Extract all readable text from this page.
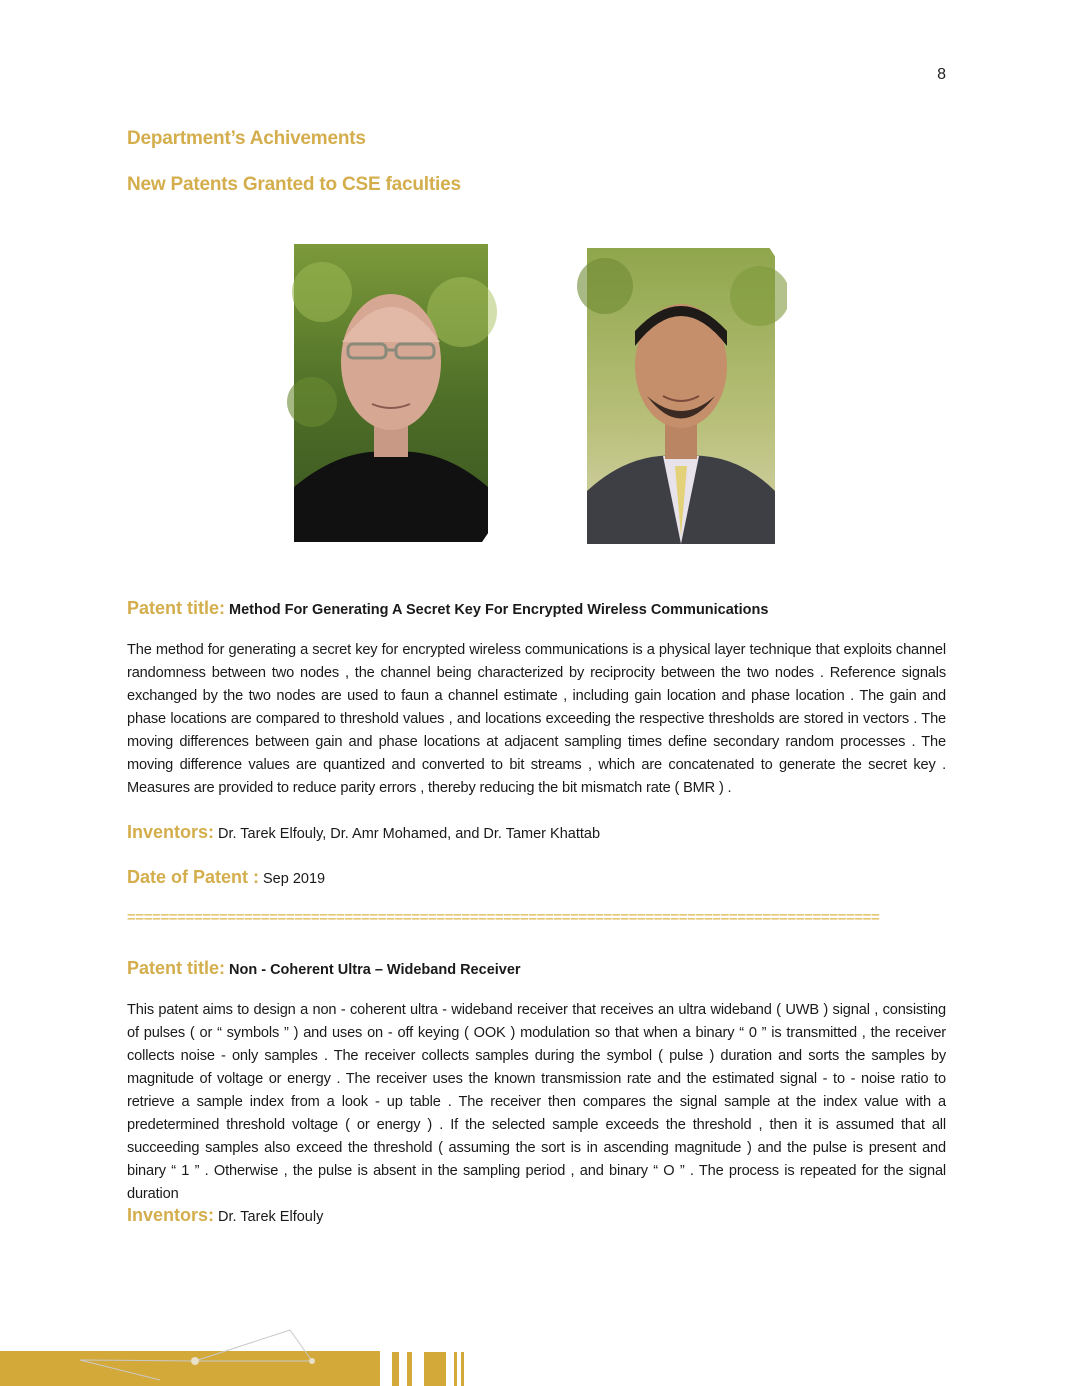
8
Department’s Achivements
New Patents Granted to CSE faculties
Patent title: Method For Generating A Secret Key For Encrypted Wireless Communications
The method for generating a secret key for encrypted wireless communications is a physical layer technique that exploits channel randomness between two nodes , the channel being characterized by reciprocity between the two nodes . Reference signals exchanged by the two nodes are used to faun a channel estimate , including gain location and phase location . The gain and phase locations are compared to threshold values , and locations exceeding the respective thresholds are stored in vectors . The moving differences between gain and phase locations at adjacent sampling times define secondary random processes . The moving difference values are quantized and converted to bit streams , which are concatenated to generate the secret key . Measures are provided to reduce parity errors , thereby reducing the bit mismatch rate ( BMR ) .
Inventors: Dr. Tarek Elfouly, Dr. Amr Mohamed, and Dr. Tamer Khattab
Date of Patent : Sep 2019
==========================================================================================
Patent title: Non - Coherent Ultra – Wideband Receiver
This patent aims to design a non - coherent ultra - wideband receiver that receives an ultra wideband ( UWB ) signal , consisting of pulses ( or “ symbols ” ) and uses on - off keying ( OOK ) modulation so that when a binary “ 0 ” is transmitted , the receiver collects noise - only samples . The receiver collects samples during the symbol ( pulse ) duration and sorts the samples by magnitude of voltage or energy . The receiver uses the known transmission rate and the estimated signal - to - noise ratio to retrieve a sample index from a look - up table . The receiver then compares the signal sample at the index value with a predetermined threshold voltage ( or energy ) . If the selected sample exceeds the threshold , then it is assumed that all succeeding samples also exceed the threshold ( assuming the sort is in ascending magnitude ) and the pulse is present and binary “ 1 ” . Otherwise , the pulse is absent in the sampling period , and binary “ O ” . The process is repeated for the signal duration
Inventors: Dr. Tarek Elfouly
